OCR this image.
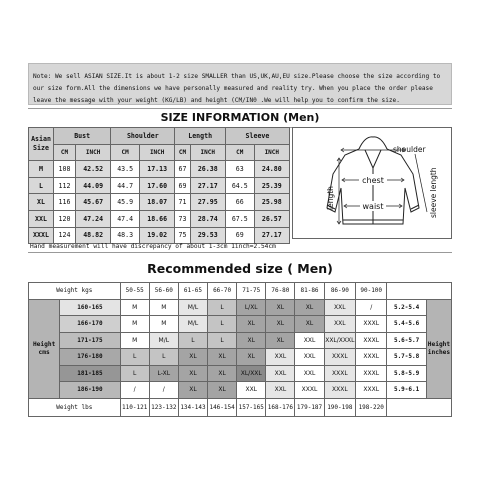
Note: We sell ASIAN SIZE.It is about 1-2 size SMALLER than US,UK,AU,EU size.Please choose the size according to our size form.All the dimensions we have personally measured and reality try. When you place the order please leave the message with your weight (KG/LB) and height (CM/IN0 .We will help you to confirm the size.
SIZE INFORMATION (Men)
Asian Size	Bust		Shoulder		Length		Sleeve	
	CM	INCH	CM	INCH	CM	INCH	CM	INCH
M	108	42.52	43.5	17.13	67	26.38	63	24.80
L	112	44.09	44.7	17.60	69	27.17	64.5	25.39
XL	116	45.67	45.9	18.07	71	27.95	66	25.98
XXL	120	47.24	47.4	18.66	73	28.74	67.5	26.57
XXXL	124	48.82	48.3	19.02	75	29.53	69	27.17
shoulder
chest
waist
length	sleeve length
Hand measurement will have discrepancy of about 1-3cm 1inch=2.54cm
Recommended size ( Men)
Weight kgs		50-55	56-60	61-65	66-70	71-75	76-80	81-86	86-90	90-100		
Height cms	160-165	M	M	M/L	L	L/XL	XL	XL	XXL	/	5.2-5.4	Height inches
	166-170	M	M	M/L	L	XL	XL	XL	XXL	XXXL	5.4-5.6	
	171-175	M	M/L	L	L	XL	XL	XXL	XXL/XXXL	XXXL	5.6-5.7	
	176-180	L	L	XL	XL	XL	XXL	XXL	XXXL	XXXL	5.7-5.8	
	181-185	L	L-XL	XL	XL	XL/XXL	XXL	XXL	XXXL	XXXL	5.8-5.9	
	186-190	/	/	XL	XL	XXL	XXL	XXXL	XXXL	XXXL	5.9-6.1	
Weight lbs		110-121	123-132	134-143	146-154	157-165	168-176	179-187	190-198	198-220		
